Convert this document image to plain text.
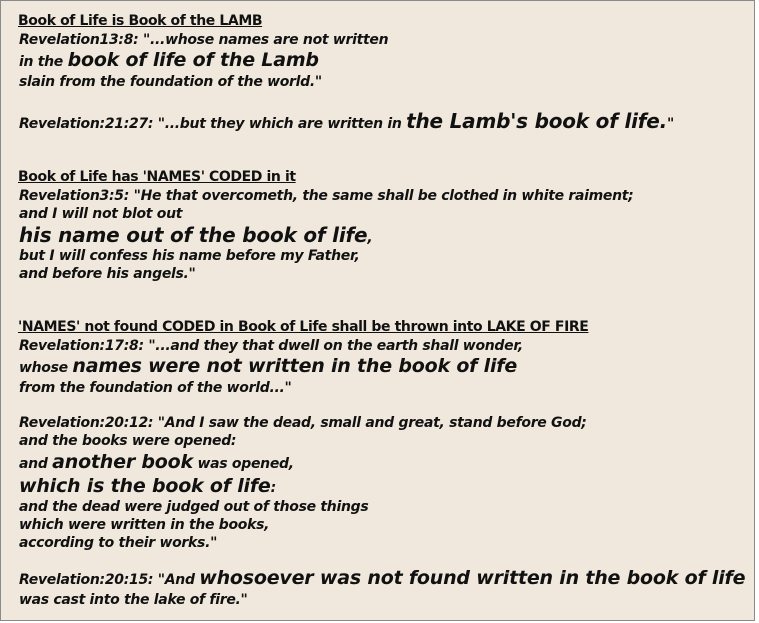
Book of Life is Book of the LAMB
Revelation13:8: "...whose names are not written
in the book of life of the Lamb
slain from the foundation of the world."
Revelation:21:27: "...but they which are written in the Lamb's book of life."
Book of Life has 'NAMES' CODED in it
Revelation3:5: "He that overcometh, the same shall be clothed in white raiment;
and I will not blot out
his name out of the book of life,
but I will confess his name before my Father,
and before his angels."
'NAMES' not found CODED in Book of Life shall be thrown into LAKE OF FIRE
Revelation:17:8: "...and they that dwell on the earth shall wonder,
whose names were not written in the book of life
from the foundation of the world..."
Revelation:20:12: "And I saw the dead, small and great, stand before God;
and the books were opened:
and another book was opened,
which is the book of life:
and the dead were judged out of those things
which were written in the books,
according to their works."
Revelation:20:15: "And whosoever was not found written in the book of life
was cast into the lake of fire."
